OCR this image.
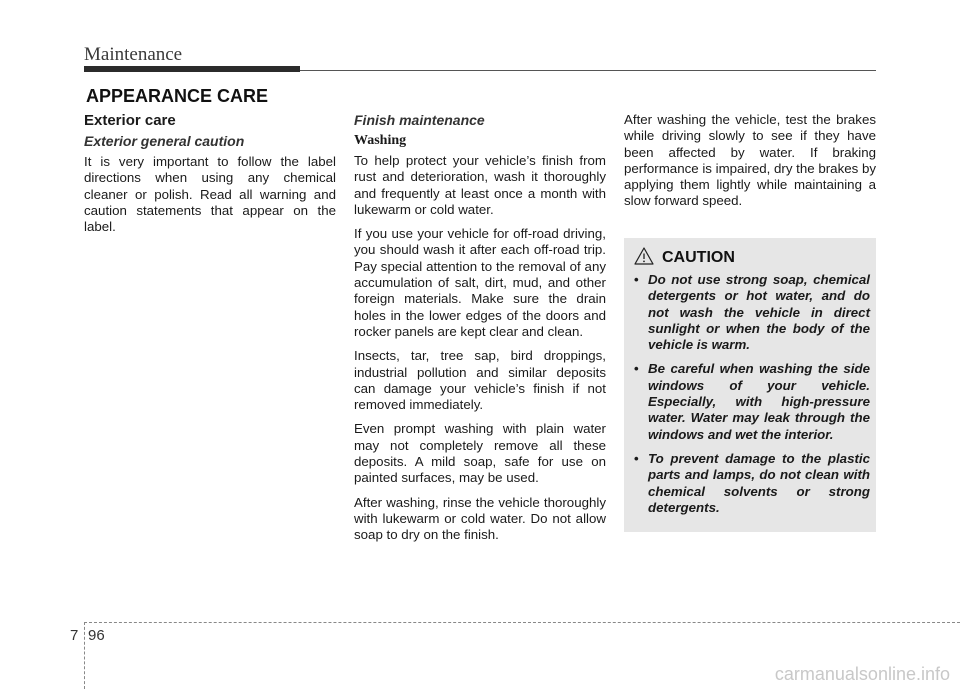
Maintenance
APPEARANCE CARE
Exterior care
Exterior general caution

It is very important to follow the label directions when using any chemical cleaner or polish. Read all warning and caution statements that appear on the label.

Finish maintenance
Washing

To help protect your vehicle’s finish from rust and deterioration, wash it thoroughly and frequently at least once a month with lukewarm or cold water.

If you use your vehicle for off-road driving, you should wash it after each off-road trip. Pay special attention to the removal of any accumulation of salt, dirt, mud, and other foreign materials. Make sure the drain holes in the lower edges of the doors and rocker panels are kept clear and clean.

Insects, tar, tree sap, bird droppings, industrial pollution and similar deposits can damage your vehicle’s finish if not removed immediately.

Even prompt washing with plain water may not completely remove all these deposits. A mild soap, safe for use on painted surfaces, may be used.

After washing, rinse the vehicle thoroughly with lukewarm or cold water. Do not allow soap to dry on the finish.

After washing the vehicle, test the brakes while driving slowly to see if they have been affected by water. If braking performance is impaired, dry the brakes by applying them lightly while maintaining a slow forward speed.

CAUTION
• Do not use strong soap, chemical detergents or hot water, and do not wash the vehicle in direct sunlight or when the body of the vehicle is warm.
• Be careful when washing the side windows of your vehicle. Especially, with high-pressure water. Water may leak through the windows and wet the interior.
• To prevent damage to the plastic parts and lamps, do not clean with chemical solvents or strong detergents.
7 96
carmanualsonline.info
